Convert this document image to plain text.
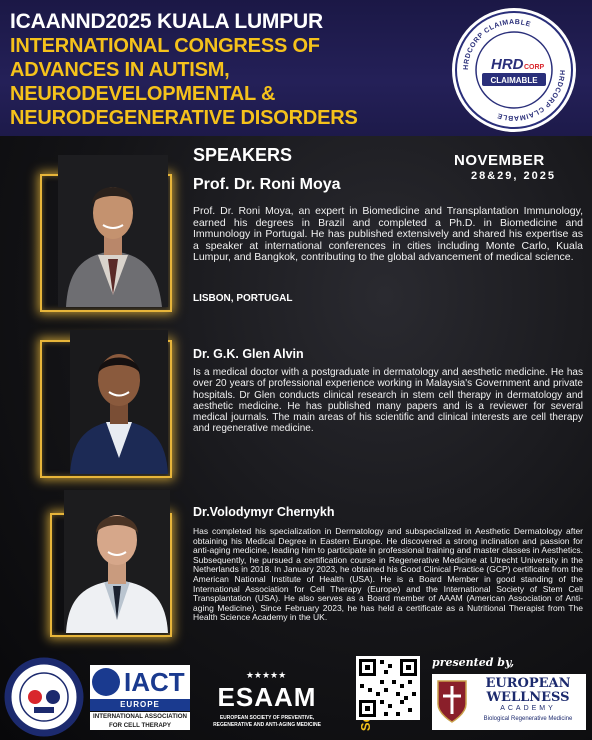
ICAANND2025 KUALA LUMPUR
INTERNATIONAL CONGRESS OF
ADVANCES IN AUTISM,
NEURODEVELOPMENTAL &
NEURODEGENERATIVE DISORDERS
HRDCORP CLAIMABLE
HRDCORP CLAIMABLE
HRD CORP
CLAIMABLE
SPEAKERS	NOVEMBER
28&29, 2025
Prof. Dr. Roni Moya

Prof. Dr. Roni Moya, an expert in Biomedicine and Transplantation Immunology, earned his degrees in Brazil and completed a Ph.D. in Biomedicine and Immunology in Portugal. He has published extensively and shared his expertise as a speaker at international conferences in cities including Monte Carlo, Kuala Lumpur, and Bangkok, contributing to the global advancement of medical science.

LISBON, PORTUGAL
Dr. G.K. Glen Alvin

Is a medical doctor with a postgraduate in dermatology and aesthetic medicine. He has over 20 years of professional experience working in Malaysia's Government and private hospitals. Dr Glen conducts clinical research in stem cell therapy in dermatology and aesthetic medicine. He has published many papers and is a reviewer for several medical journals. The main areas of his scientific and clinical interests are cell therapy and regenerative medicine.

Dr.Volodymyr Chernykh

Has completed his specialization in Dermatology and subspecialized in Aesthetic Dermatology after obtaining his Medical Degree in Eastern Europe. He discovered a strong inclination and passion for anti-aging medicine, leading him to participate in professional training and master classes in Aesthetics. Subsequently, he pursued a certification course in Regenerative Medicine at Utrecht University in the Netherlands in 2018. In January 2023, he obtained his Good Clinical Practice (GCP) certificate from the American National Institute of Health (USA). He is a Board Member in good standing of the International Association for Cell Therapy (Europe) and the International Society of Stem Cell Transplantation (USA). He also serves as a Board member of AAAM (American Association of Anti-aging Medicine). Since February 2023, he has held a certificate as a Nutritional Therapist from The Health Science Academy in the UK.

IACT
EUROPE
INTERNATIONAL ASSOCIATION
FOR CELL THERAPY
★★★★★
ESAAM
EUROPEAN SOCIETY OF PREVENTIVE,
REGENERATIVE AND ANTI-AGING MEDICINE
presented by,
EUROPEAN
WELLNESS
ACADEMY
Biological Regenerative Medicine
